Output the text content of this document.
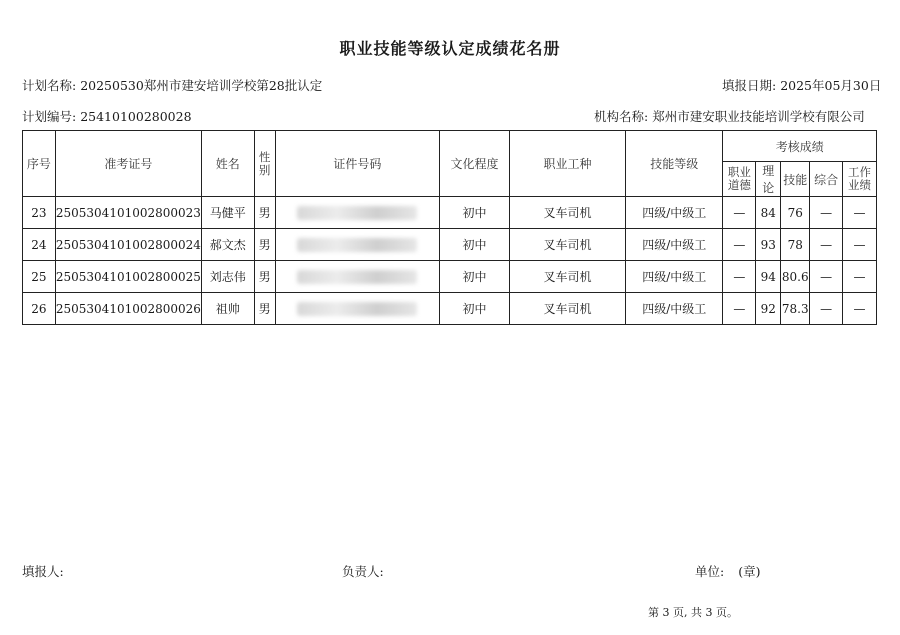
职业技能等级认定成绩花名册
计划名称: 20250530郑州市建安培训学校第28批认定	填报日期: 2025年05月30日
计划编号: 25410100280028	机构名称: 郑州市建安职业技能培训学校有限公司
序号	准考证号	姓名	性别	证件号码	文化程度	职业工种	技能等级	考核成绩				
								职业道德	理论	技能	综合	工作业绩
23	250530410100280002​3	马健平	男		初中	叉车司机	四级/中级工	—	84	76	—	—
24	2505304101002800024	郝文杰	男		初中	叉车司机	四级/中级工	—	93	78	—	—
25	2505304101002800025	刘志伟	男		初中	叉车司机	四级/中级工	—	94	80.6	—	—
26	2505304101002800026	祖帅	男		初中	叉车司机	四级/中级工	—	92	78.3	—	—
填报人:	负责人:	单位: (章)
第 3 页, 共 3 页。
